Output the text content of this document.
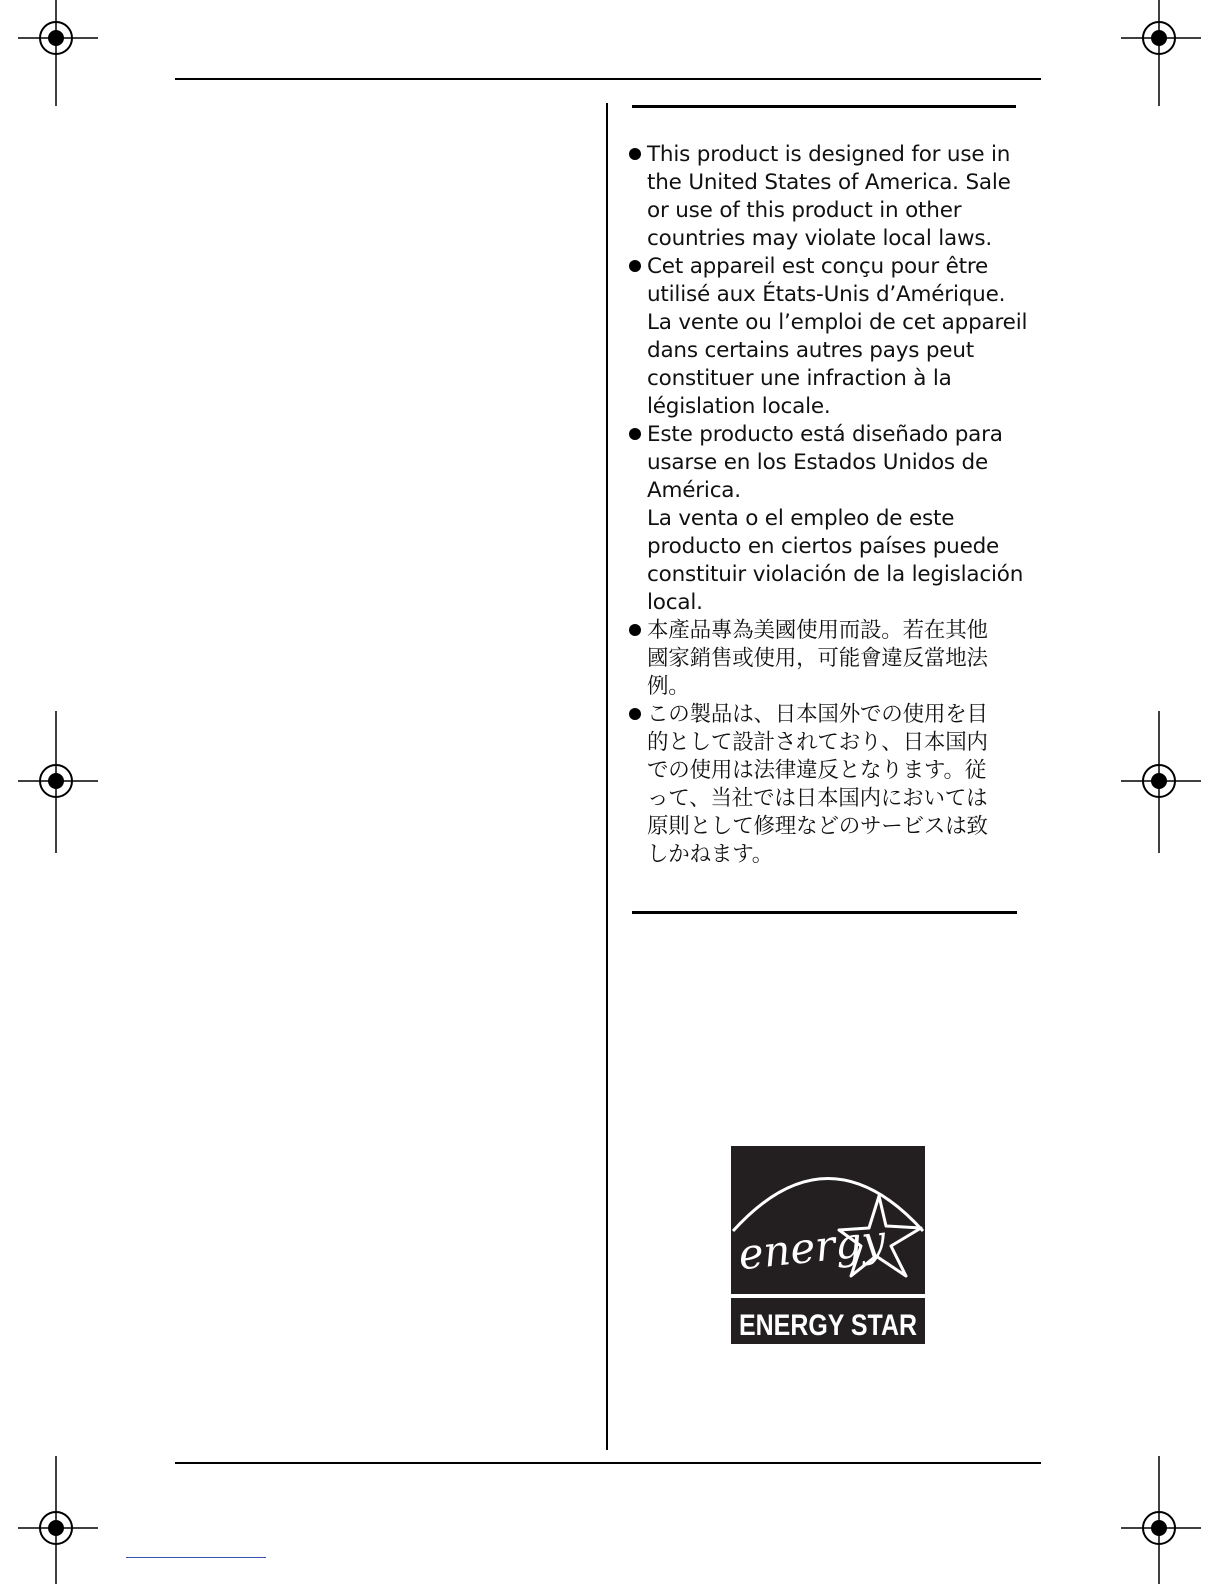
This product is designed for use in
the United States of America. Sale
or use of this product in other
countries may violate local laws.
Cet appareil est conçu pour être
utilisé aux États-Unis d’Amérique.
La vente ou l’emploi de cet appareil
dans certains autres pays peut
constituer une infraction à la
législation locale.
Este producto está diseñado para
usarse en los Estados Unidos de
América.
La venta o el empleo de este
producto en ciertos países puede
constituir violación de la legislación
local.
本產品專為美國使用而設。若在其他
國家銷售或使用，可能會違反當地法
例。
この製品は、日本国外での使用を目
的として設計されており、日本国内
での使用は法律違反となります。従
って、当社では日本国内においては
原則として修理などのサービスは致
しかねます。
energy
ENERGY STAR
